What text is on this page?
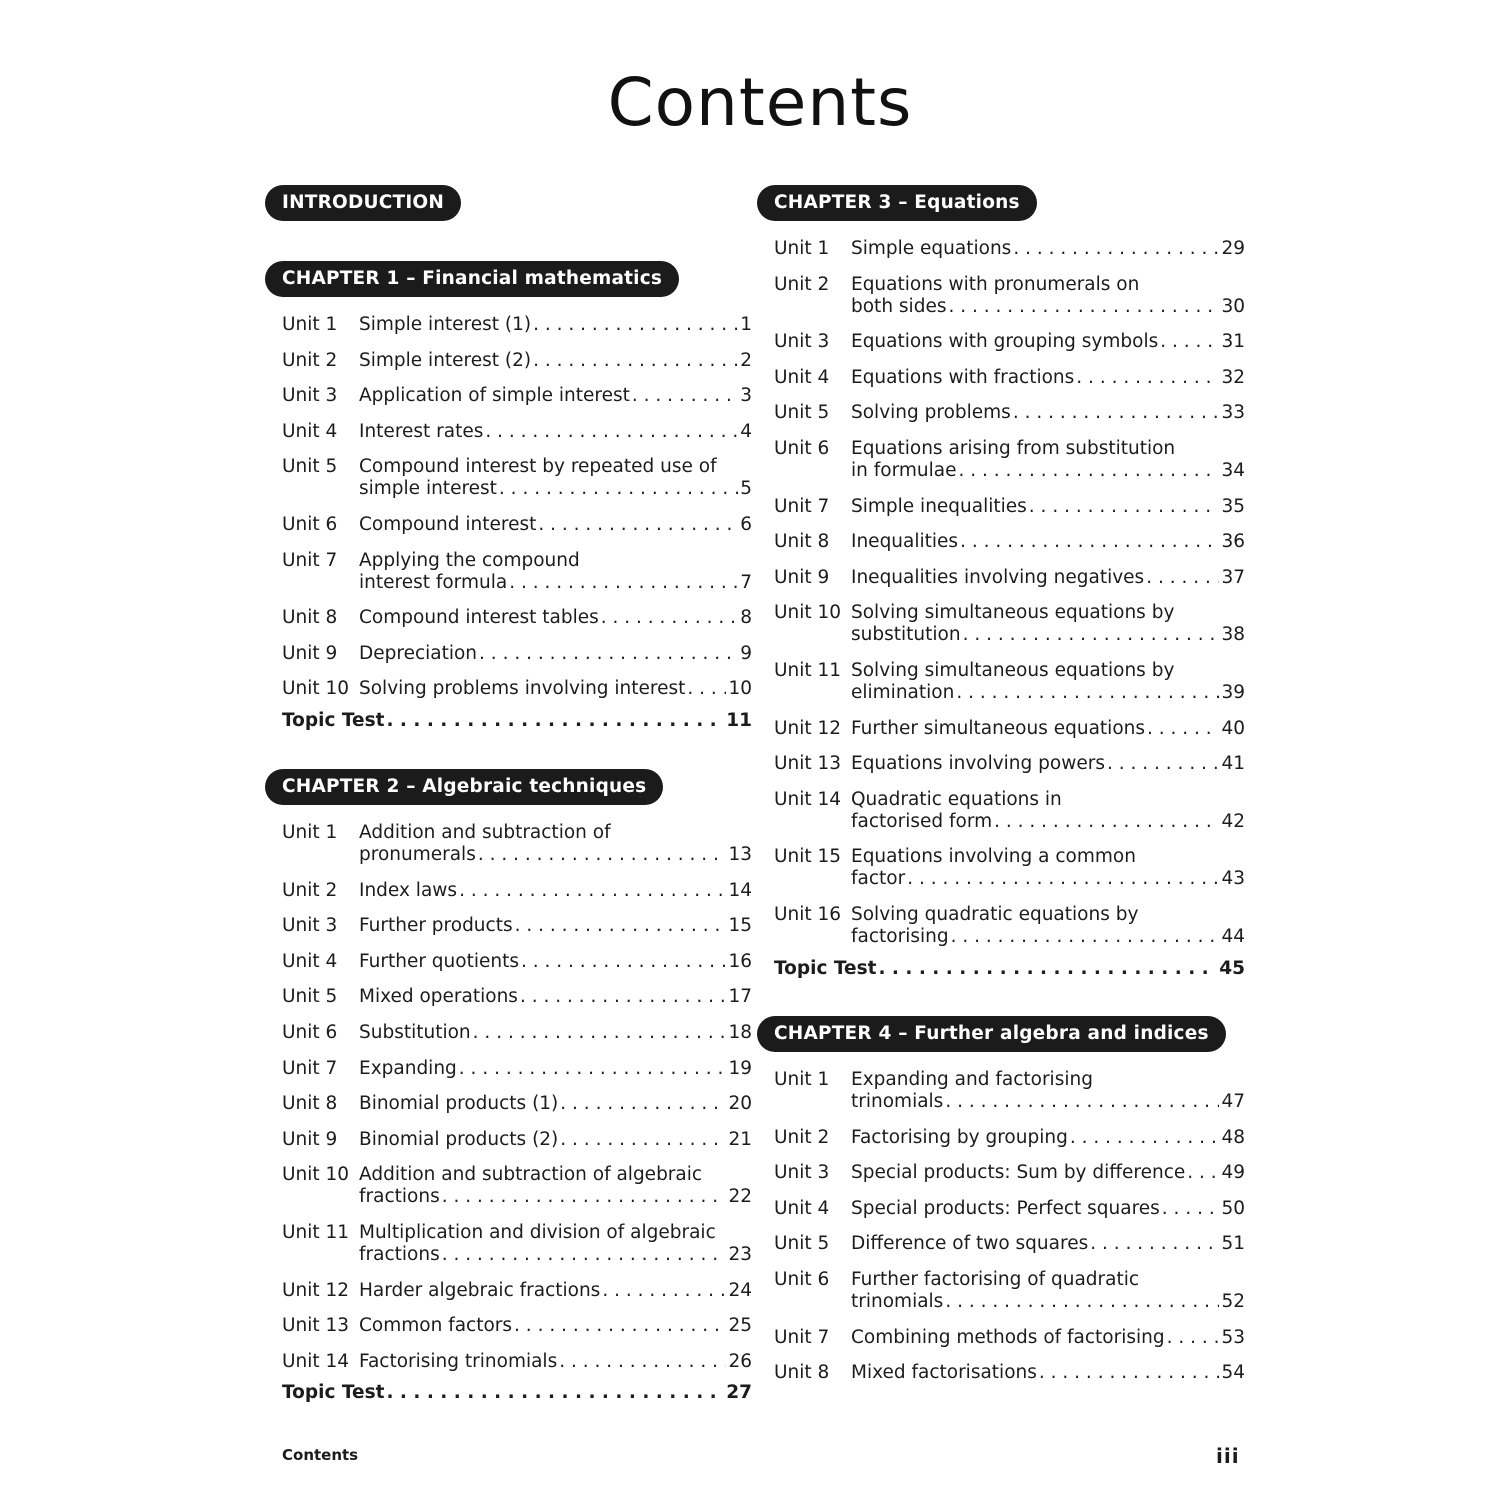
Contents
INTRODUCTION
CHAPTER 1 – Financial mathematics
Unit 1	Simple interest (1) . . .	1
Unit 2	Simple interest (2) . . .	2
Unit 3	Application of simple interest . . .	3
Unit 4	Interest rates . . .	4
Unit 5	Compound interest by repeated use of
simple interest . . .	5
Unit 6	Compound interest . . .	6
Unit 7	Applying the compound
interest formula . . .	7
Unit 8	Compound interest tables . . .	8
Unit 9	Depreciation . . .	9
Unit 10 Solving problems involving interest . . . 10
Topic Test . . .	11
CHAPTER 2 – Algebraic techniques
Unit 1	Addition and subtraction of
pronumerals . . .	13
Unit 2	Index laws . . .	14
Unit 3	Further products . . .	15
Unit 4	Further quotients . . .	16
Unit 5	Mixed operations . . .	17
Unit 6	Substitution . . .	18
Unit 7	Expanding . . .	19
Unit 8	Binomial products (1) . . .	20
Unit 9	Binomial products (2) . . .	21
Unit 10 Addition and subtraction of algebraic
fractions . . .	22
Unit 11 Multiplication and division of algebraic
fractions . . .	23
Unit 12 Harder algebraic fractions . . .	24
Unit 13 Common factors . . .	25
Unit 14 Factorising trinomials . . .	26
Topic Test . . .	27
CHAPTER 3 – Equations
Unit 1	Simple equations . . .	29
Unit 2	Equations with pronumerals on
both sides . . .	30
Unit 3	Equations with grouping symbols . . .	31
Unit 4	Equations with fractions . . .	32
Unit 5	Solving problems . . .	33
Unit 6	Equations arising from substitution
in formulae . . .	34
Unit 7	Simple inequalities . . .	35
Unit 8	Inequalities . . .	36
Unit 9	Inequalities involving negatives . . .	37
Unit 10 Solving simultaneous equations by
substitution . . .	38
Unit 11 Solving simultaneous equations by
elimination . . .	39
Unit 12 Further simultaneous equations . . .	40
Unit 13 Equations involving powers . . .	41
Unit 14 Quadratic equations in
factorised form . . .	42
Unit 15 Equations involving a common
factor . . .	43
Unit 16 Solving quadratic equations by
factorising . . .	44
Topic Test . . .	45
CHAPTER 4 – Further algebra and indices
Unit 1	Expanding and factorising
trinomials . . .	47
Unit 2	Factorising by grouping . . .	48
Unit 3	Special products: Sum by difference . . . 49
Unit 4	Special products: Perfect squares . . .	50
Unit 5	Difference of two squares . . .	51
Unit 6	Further factorising of quadratic
trinomials . . .	52
Unit 7	Combining methods of factorising . . .	53
Unit 8	Mixed factorisations . . .	54
Contents	iii
